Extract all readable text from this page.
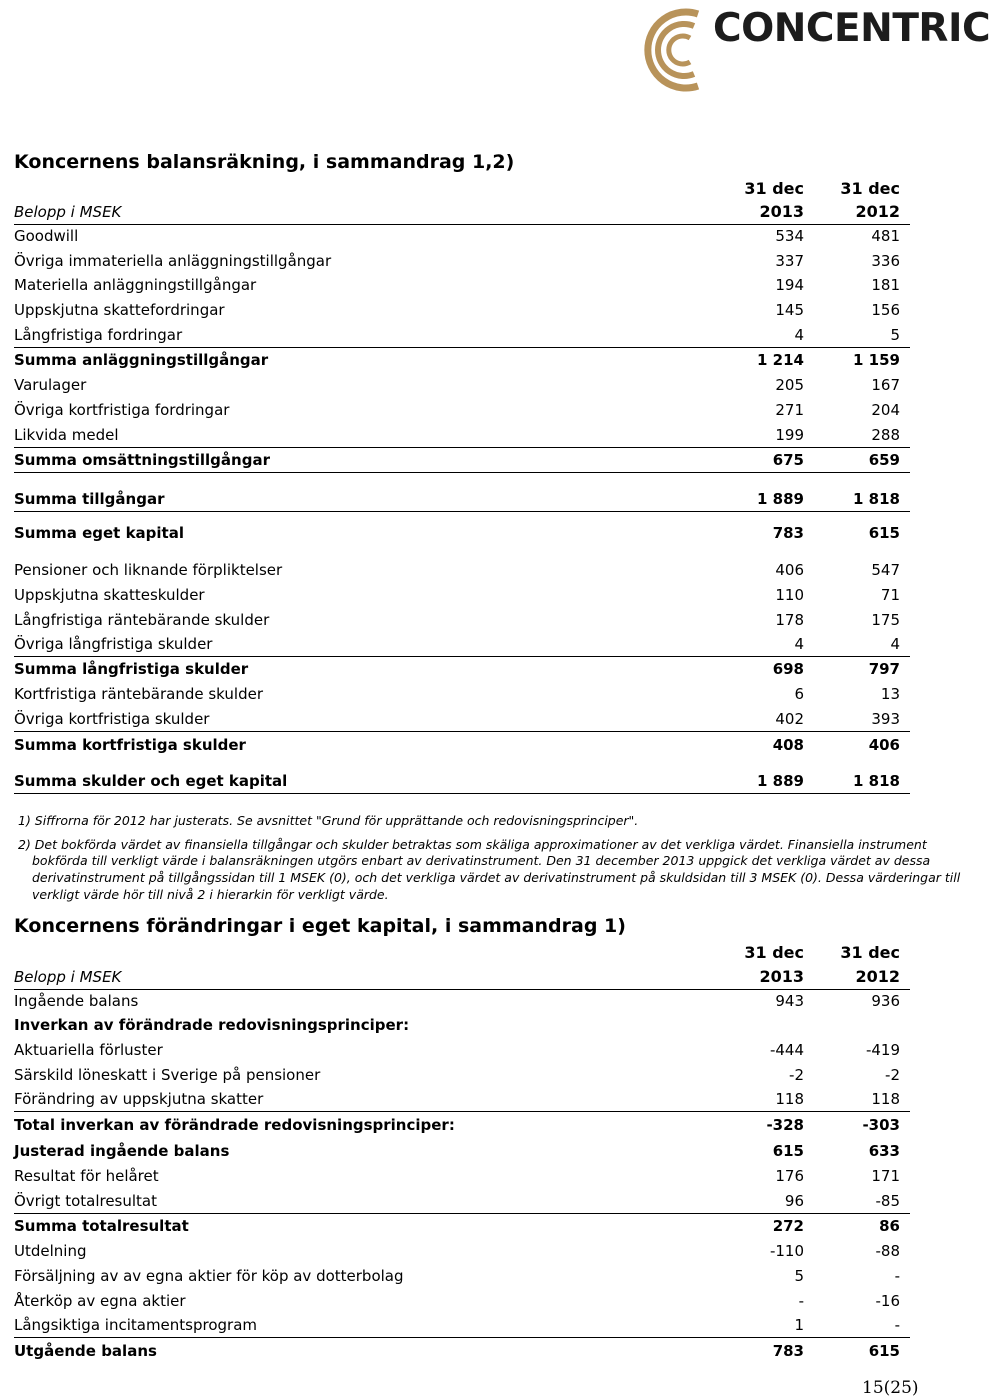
CONCENTRIC
Koncernens balansräkning, i sammandrag 1,2)
31 dec	31 dec
Belopp i MSEK	2013	2012
Goodwill	534	481
Övriga immateriella anläggningstillgångar	337	336
Materiella anläggningstillgångar	194	181
Uppskjutna skattefordringar	145	156
Långfristiga fordringar	4	5
Summa anläggningstillgångar	1 214	1 159
Varulager	205	167
Övriga kortfristiga fordringar	271	204
Likvida medel	199	288
Summa omsättningstillgångar	675	659
Summa tillgångar	1 889	1 818
Summa eget kapital	783	615
Pensioner och liknande förpliktelser	406	547
Uppskjutna skatteskulder	110	71
Långfristiga räntebärande skulder	178	175
Övriga långfristiga skulder	4	4
Summa långfristiga skulder	698	797
Kortfristiga räntebärande skulder	6	13
Övriga kortfristiga skulder	402	393
Summa kortfristiga skulder	408	406
Summa skulder och eget kapital	1 889	1 818
1) Siffrorna för 2012 har justerats. Se avsnittet "Grund för upprättande och redovisningsprinciper".
2) Det bokförda värdet av finansiella tillgångar och skulder betraktas som skäliga approximationer av det verkliga värdet. Finansiella instrument
bokförda till verkligt värde i balansräkningen utgörs enbart av derivatinstrument. Den 31 december 2013 uppgick det verkliga värdet av dessa
derivatinstrument på tillgångssidan till 1 MSEK (0), och det verkliga värdet av derivatinstrument på skuldsidan till 3 MSEK (0). Dessa värderingar till
verkligt värde hör till nivå 2 i hierarkin för verkligt värde.
Koncernens förändringar i eget kapital, i sammandrag 1)
31 dec	31 dec
Belopp i MSEK	2013	2012
Ingående balans	943	936
Inverkan av förändrade redovisningsprinciper:
Aktuariella förluster	-444	-419
Särskild löneskatt i Sverige på pensioner	-2	-2
Förändring av uppskjutna skatter	118	118
Total inverkan av förändrade redovisningsprinciper:	-328	-303
Justerad ingående balans	615	633
Resultat för helåret	176	171
Övrigt totalresultat	96	-85
Summa totalresultat	272	86
Utdelning	-110	-88
Försäljning av av egna aktier för köp av dotterbolag	5	-
Återköp av egna aktier	-	-16
Långsiktiga incitamentsprogram	1	-
Utgående balans	783	615
15(25)
